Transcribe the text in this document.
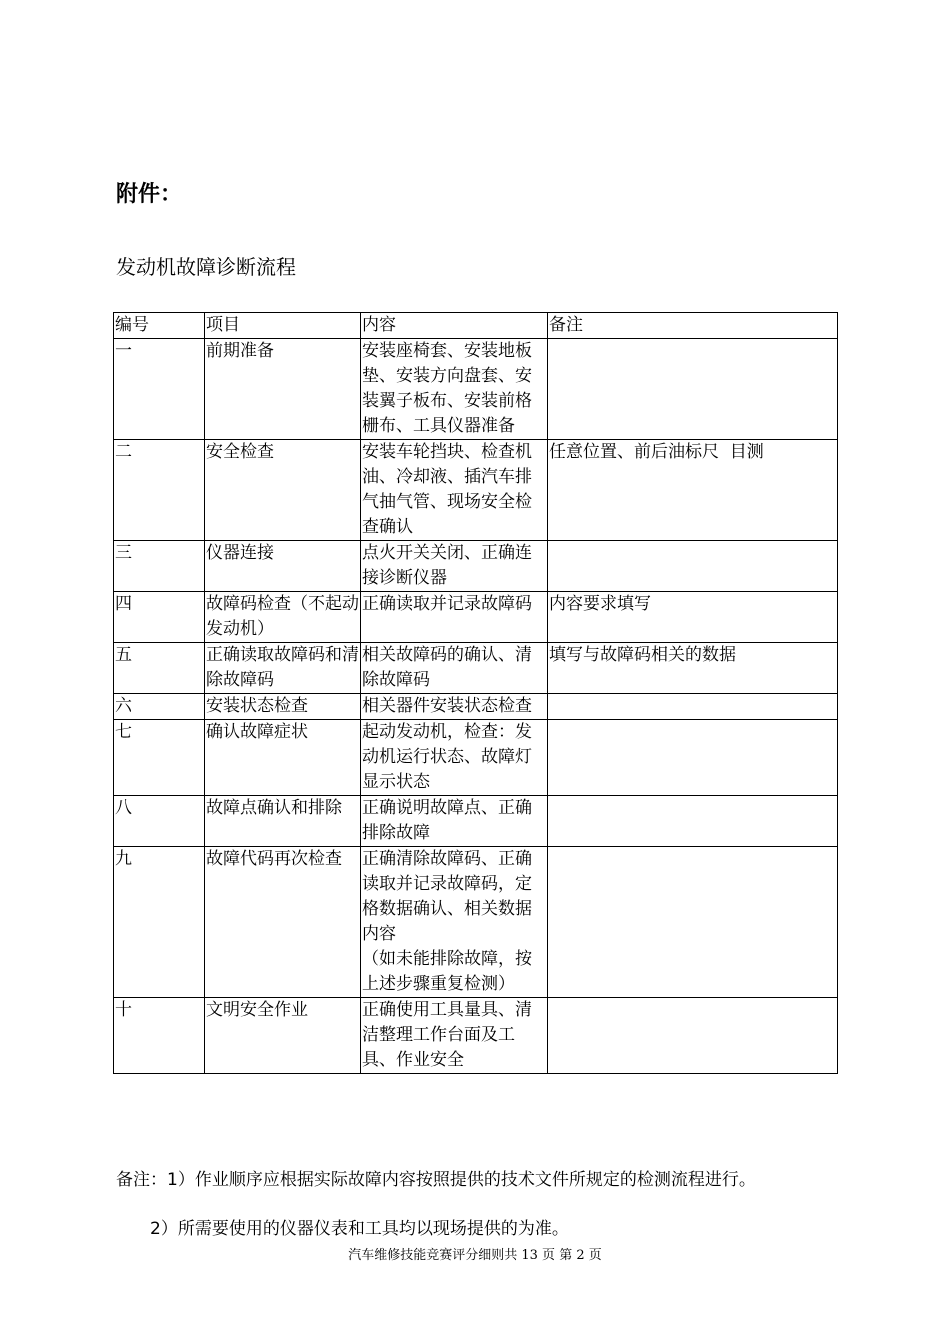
附件：

发动机故障诊断流程

编号	项目	内容	备注
一	前期准备	安装座椅套、安装地板垫、安装方向盘套、安装翼子板布、安装前格栅布、工具仪器准备	
二	安全检查	安装车轮挡块、检查机油、冷却液、插汽车排气抽气管、现场安全检查确认	任意位置、前后油标尺  目测
三	仪器连接	点火开关关闭、正确连接诊断仪器	
四	故障码检查（不起动发动机）	正确读取并记录故障码	内容要求填写
五	正确读取故障码和清除故障码	相关故障码的确认、清除故障码	填写与故障码相关的数据
六	安装状态检查	相关器件安装状态检查	
七	确认故障症状	起动发动机，检查：发动机运行状态、故障灯显示状态	
八	故障点确认和排除	正确说明故障点、正确排除故障	
九	故障代码再次检查	正确清除故障码、正确读取并记录故障码，定格数据确认、相关数据内容
（如未能排除故障，按上述步骤重复检测）	
十	文明安全作业	正确使用工具量具、清洁整理工作台面及工具、作业安全	

备注：1）作业顺序应根据实际故障内容按照提供的技术文件所规定的检测流程进行。

2）所需要使用的仪器仪表和工具均以现场提供的为准。

汽车维修技能竞赛评分细则共 13 页 第 2 页
